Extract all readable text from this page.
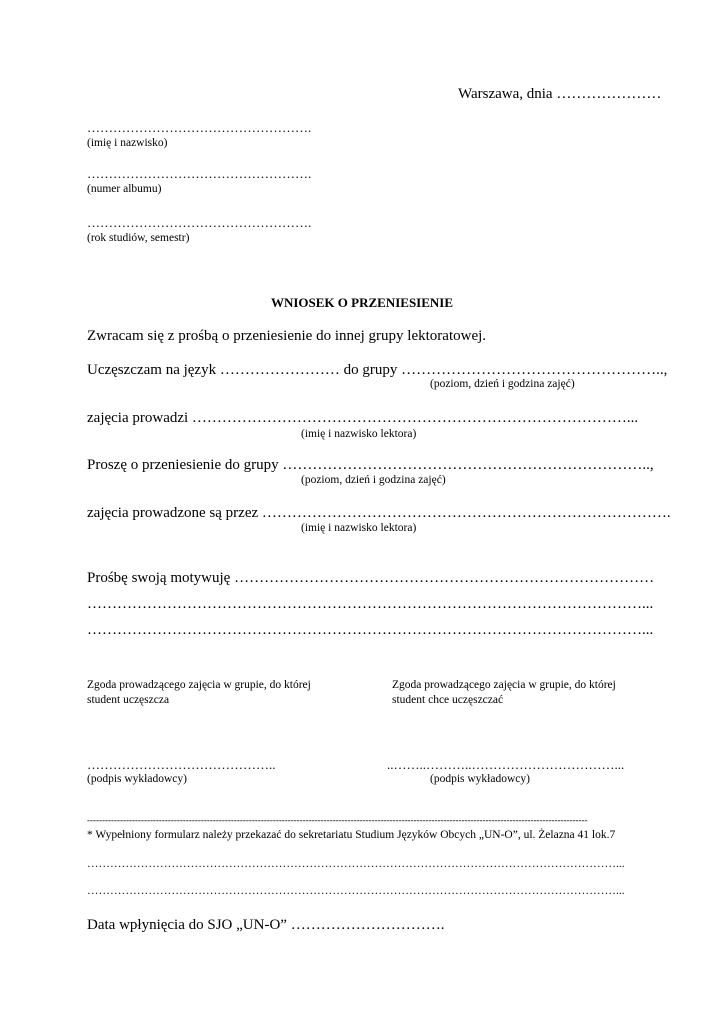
Warszawa, dnia …………………
…………………………………………….
(imię i nazwisko)
…………………………………………….
(numer albumu)
…………………………………………….
(rok studiów, semestr)
WNIOSEK O PRZENIESIENIE
Zwracam się z prośbą o przeniesienie do innej grupy lektoratowej.
Uczęszczam na język …………………… do grupy ……………………………………………..,
(poziom, dzień i godzina zajęć)
zajęcia prowadzi ……………………………………………………………………………...
(imię i nazwisko lektora)
Proszę o przeniesienie do grupy ………………………………………………………………..,
(poziom, dzień i godzina zajęć)
zajęcia prowadzone są przez ……………………………………………………………………….
(imię i nazwisko lektora)
Prośbę swoją motywuję …………………………………………………………………………
…………………………………………………………………………………………………...
…………………………………………………………………………………………………...
Zgoda prowadzącego zajęcia w grupie, do której
student uczęszcza
Zgoda prowadzącego zajęcia w grupie, do której
student chce uczęszczać
……………………………………..
(podpis wykładowcy)
..……..………..……………………………...
(podpis wykładowcy)
-----------------------------------------------------------------------------------------------------------------------------------------------------------------------
* Wypełniony formularz należy przekazać do sekretariatu Studium Języków Obcych „UN-O”, ul. Żelazna 41 lok.7
…………………………………………………………………………………………………………………………...
…………………………………………………………………………………………………………………………...
Data wpłynięcia do SJO „UN-O” ………………………….
